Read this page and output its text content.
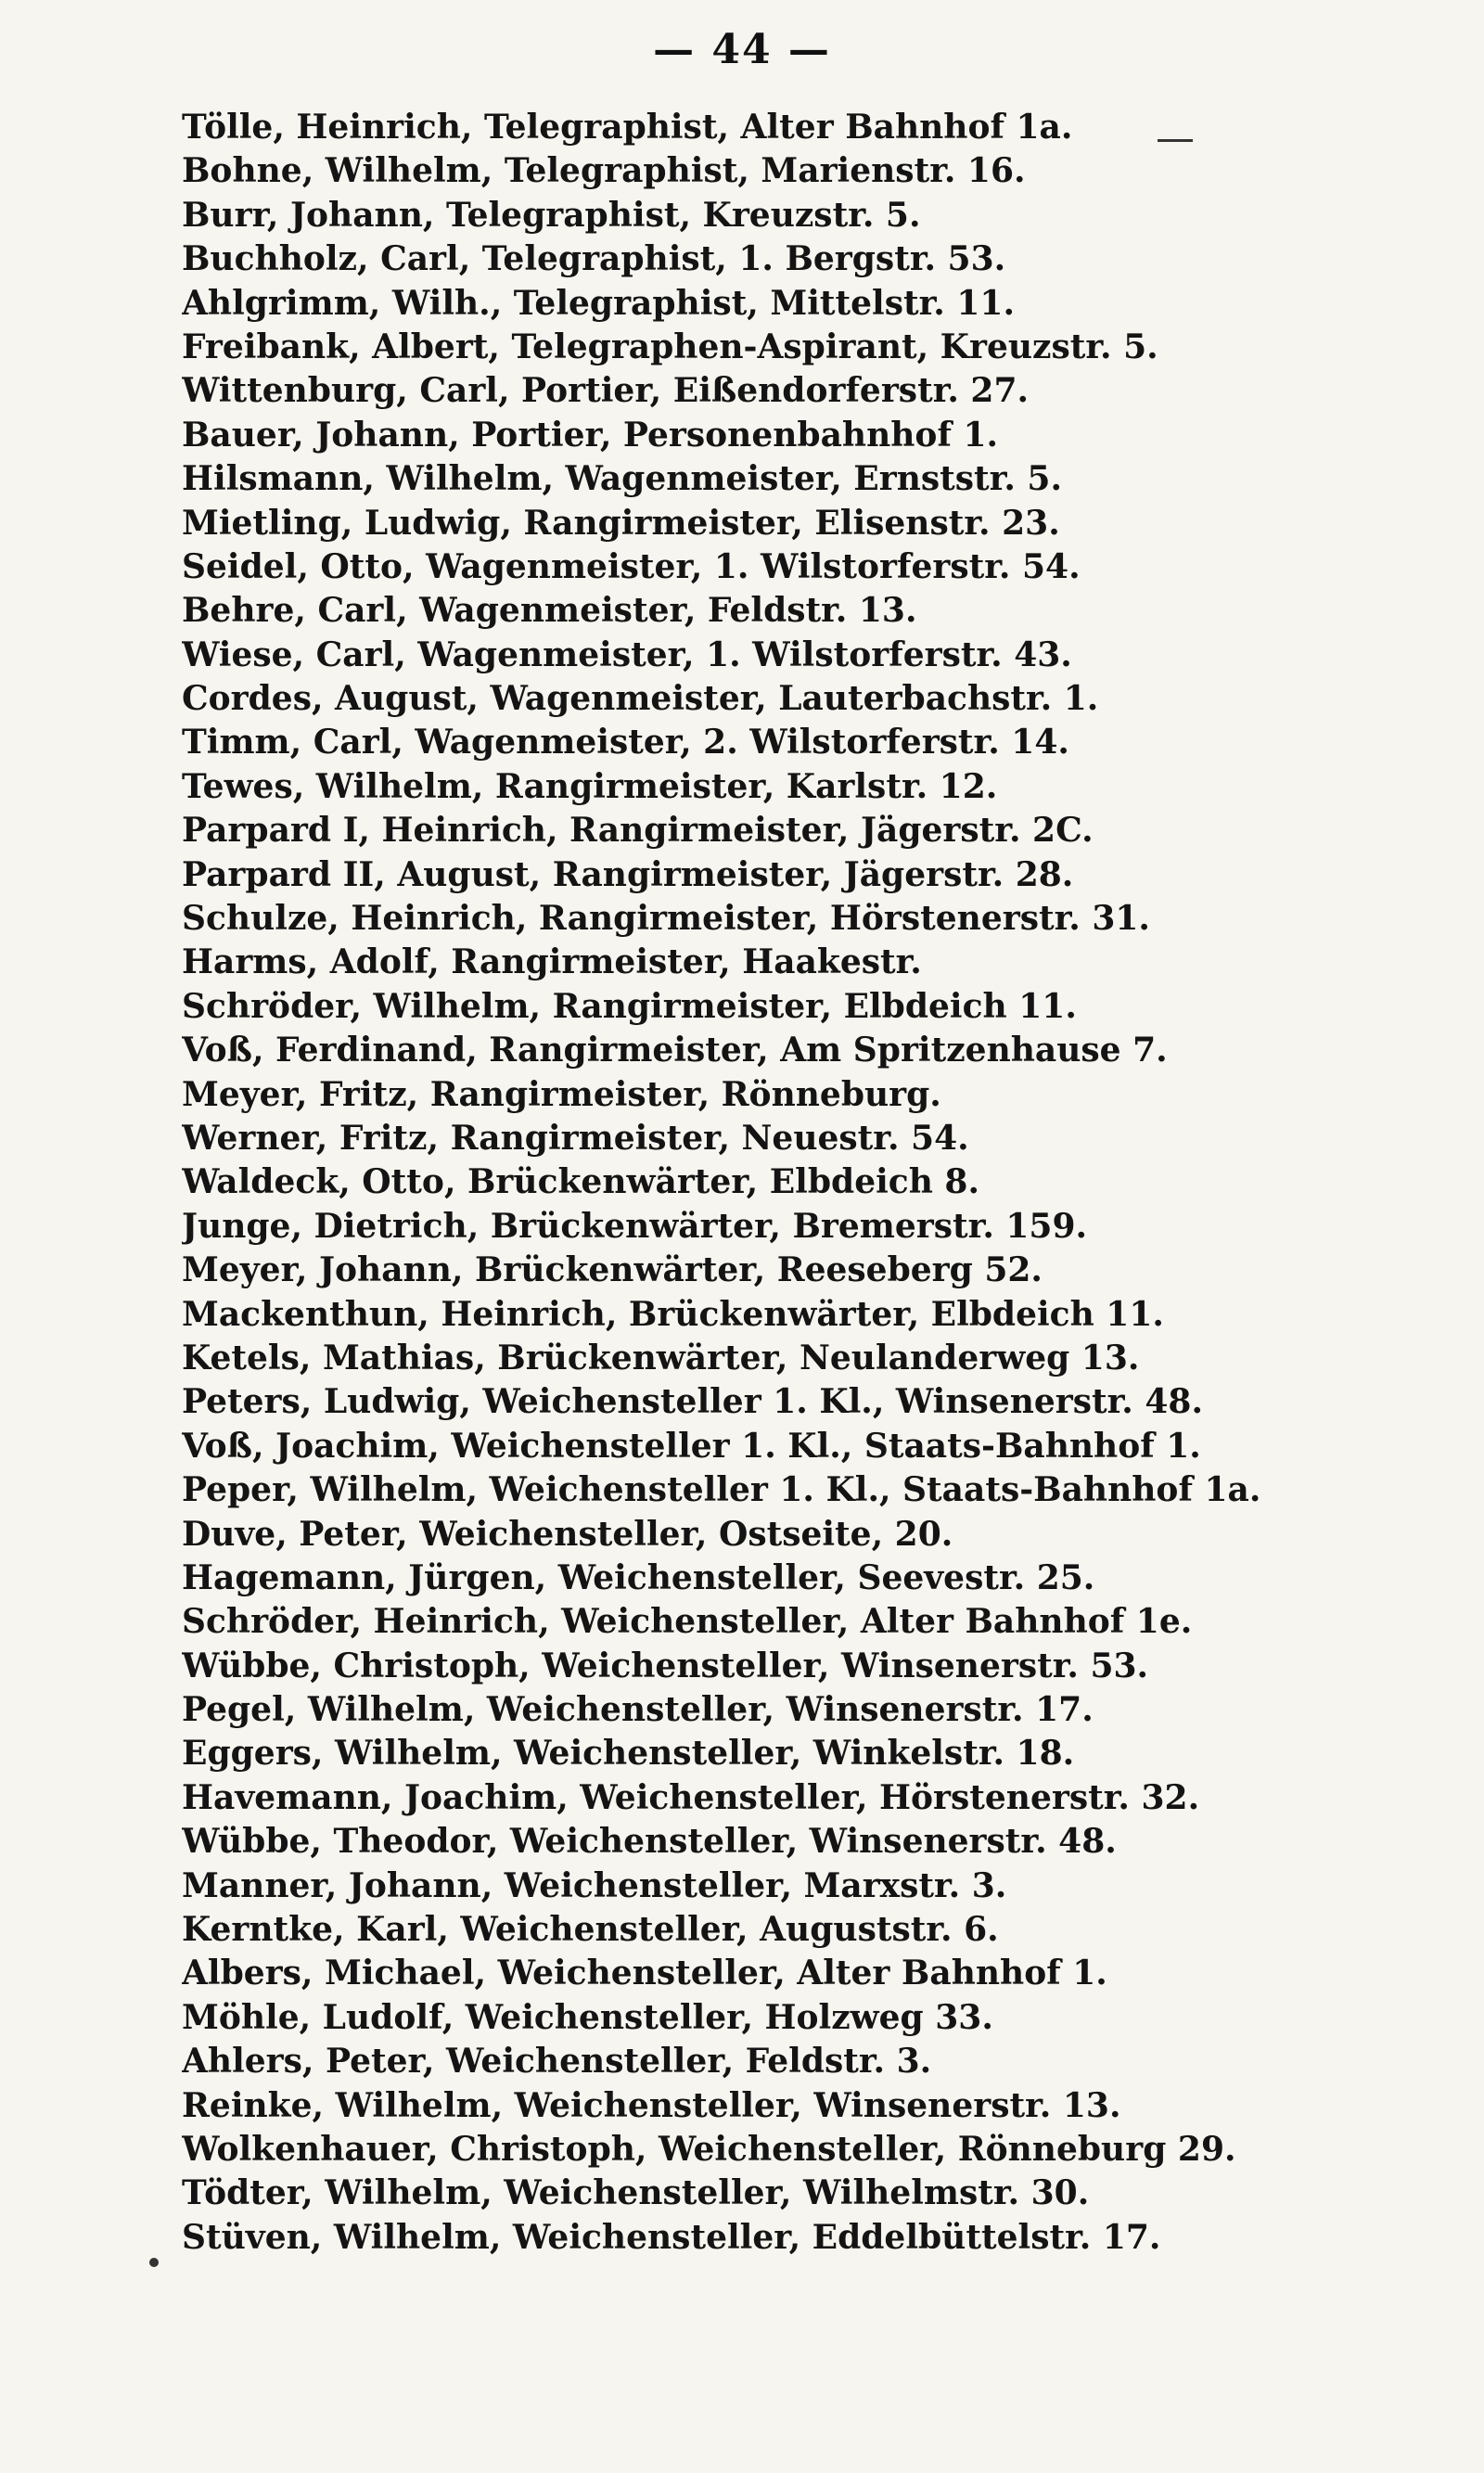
— 44 —
Tölle, Heinrich, Telegraphist, Alter Bahnhof 1a.
Bohne, Wilhelm, Telegraphist, Marienstr. 16.
Burr, Johann, Telegraphist, Kreuzstr. 5.
Buchholz, Carl, Telegraphist, 1. Bergstr. 53.
Ahlgrimm, Wilh., Telegraphist, Mittelstr. 11.
Freibank, Albert, Telegraphen-Aspirant, Kreuzstr. 5.
Wittenburg, Carl, Portier, Eißendorferstr. 27.
Bauer, Johann, Portier, Personenbahnhof 1.
Hilsmann, Wilhelm, Wagenmeister, Ernststr. 5.
Mietling, Ludwig, Rangirmeister, Elisenstr. 23.
Seidel, Otto, Wagenmeister, 1. Wilstorferstr. 54.
Behre, Carl, Wagenmeister, Feldstr. 13.
Wiese, Carl, Wagenmeister, 1. Wilstorferstr. 43.
Cordes, August, Wagenmeister, Lauterbachstr. 1.
Timm, Carl, Wagenmeister, 2. Wilstorferstr. 14.
Tewes, Wilhelm, Rangirmeister, Karlstr. 12.
Parpard I, Heinrich, Rangirmeister, Jägerstr. 2C.
Parpard II, August, Rangirmeister, Jägerstr. 28.
Schulze, Heinrich, Rangirmeister, Hörstenerstr. 31.
Harms, Adolf, Rangirmeister, Haakestr.
Schröder, Wilhelm, Rangirmeister, Elbdeich 11.
Voß, Ferdinand, Rangirmeister, Am Spritzenhause 7.
Meyer, Fritz, Rangirmeister, Rönneburg.
Werner, Fritz, Rangirmeister, Neuestr. 54.
Waldeck, Otto, Brückenwärter, Elbdeich 8.
Junge, Dietrich, Brückenwärter, Bremerstr. 159.
Meyer, Johann, Brückenwärter, Reeseberg 52.
Mackenthun, Heinrich, Brückenwärter, Elbdeich 11.
Ketels, Mathias, Brückenwärter, Neulanderweg 13.
Peters, Ludwig, Weichensteller 1. Kl., Winsenerstr. 48.
Voß, Joachim, Weichensteller 1. Kl., Staats-Bahnhof 1.
Peper, Wilhelm, Weichensteller 1. Kl., Staats-Bahnhof 1a.
Duve, Peter, Weichensteller, Ostseite, 20.
Hagemann, Jürgen, Weichensteller, Seevestr. 25.
Schröder, Heinrich, Weichensteller, Alter Bahnhof 1e.
Wübbe, Christoph, Weichensteller, Winsenerstr. 53.
Pegel, Wilhelm, Weichensteller, Winsenerstr. 17.
Eggers, Wilhelm, Weichensteller, Winkelstr. 18.
Havemann, Joachim, Weichensteller, Hörstenerstr. 32.
Wübbe, Theodor, Weichensteller, Winsenerstr. 48.
Manner, Johann, Weichensteller, Marxstr. 3.
Kerntke, Karl, Weichensteller, Auguststr. 6.
Albers, Michael, Weichensteller, Alter Bahnhof 1.
Möhle, Ludolf, Weichensteller, Holzweg 33.
Ahlers, Peter, Weichensteller, Feldstr. 3.
Reinke, Wilhelm, Weichensteller, Winsenerstr. 13.
Wolkenhauer, Christoph, Weichensteller, Rönneburg 29.
Tödter, Wilhelm, Weichensteller, Wilhelmstr. 30.
Stüven, Wilhelm, Weichensteller, Eddelbüttelstr. 17.
